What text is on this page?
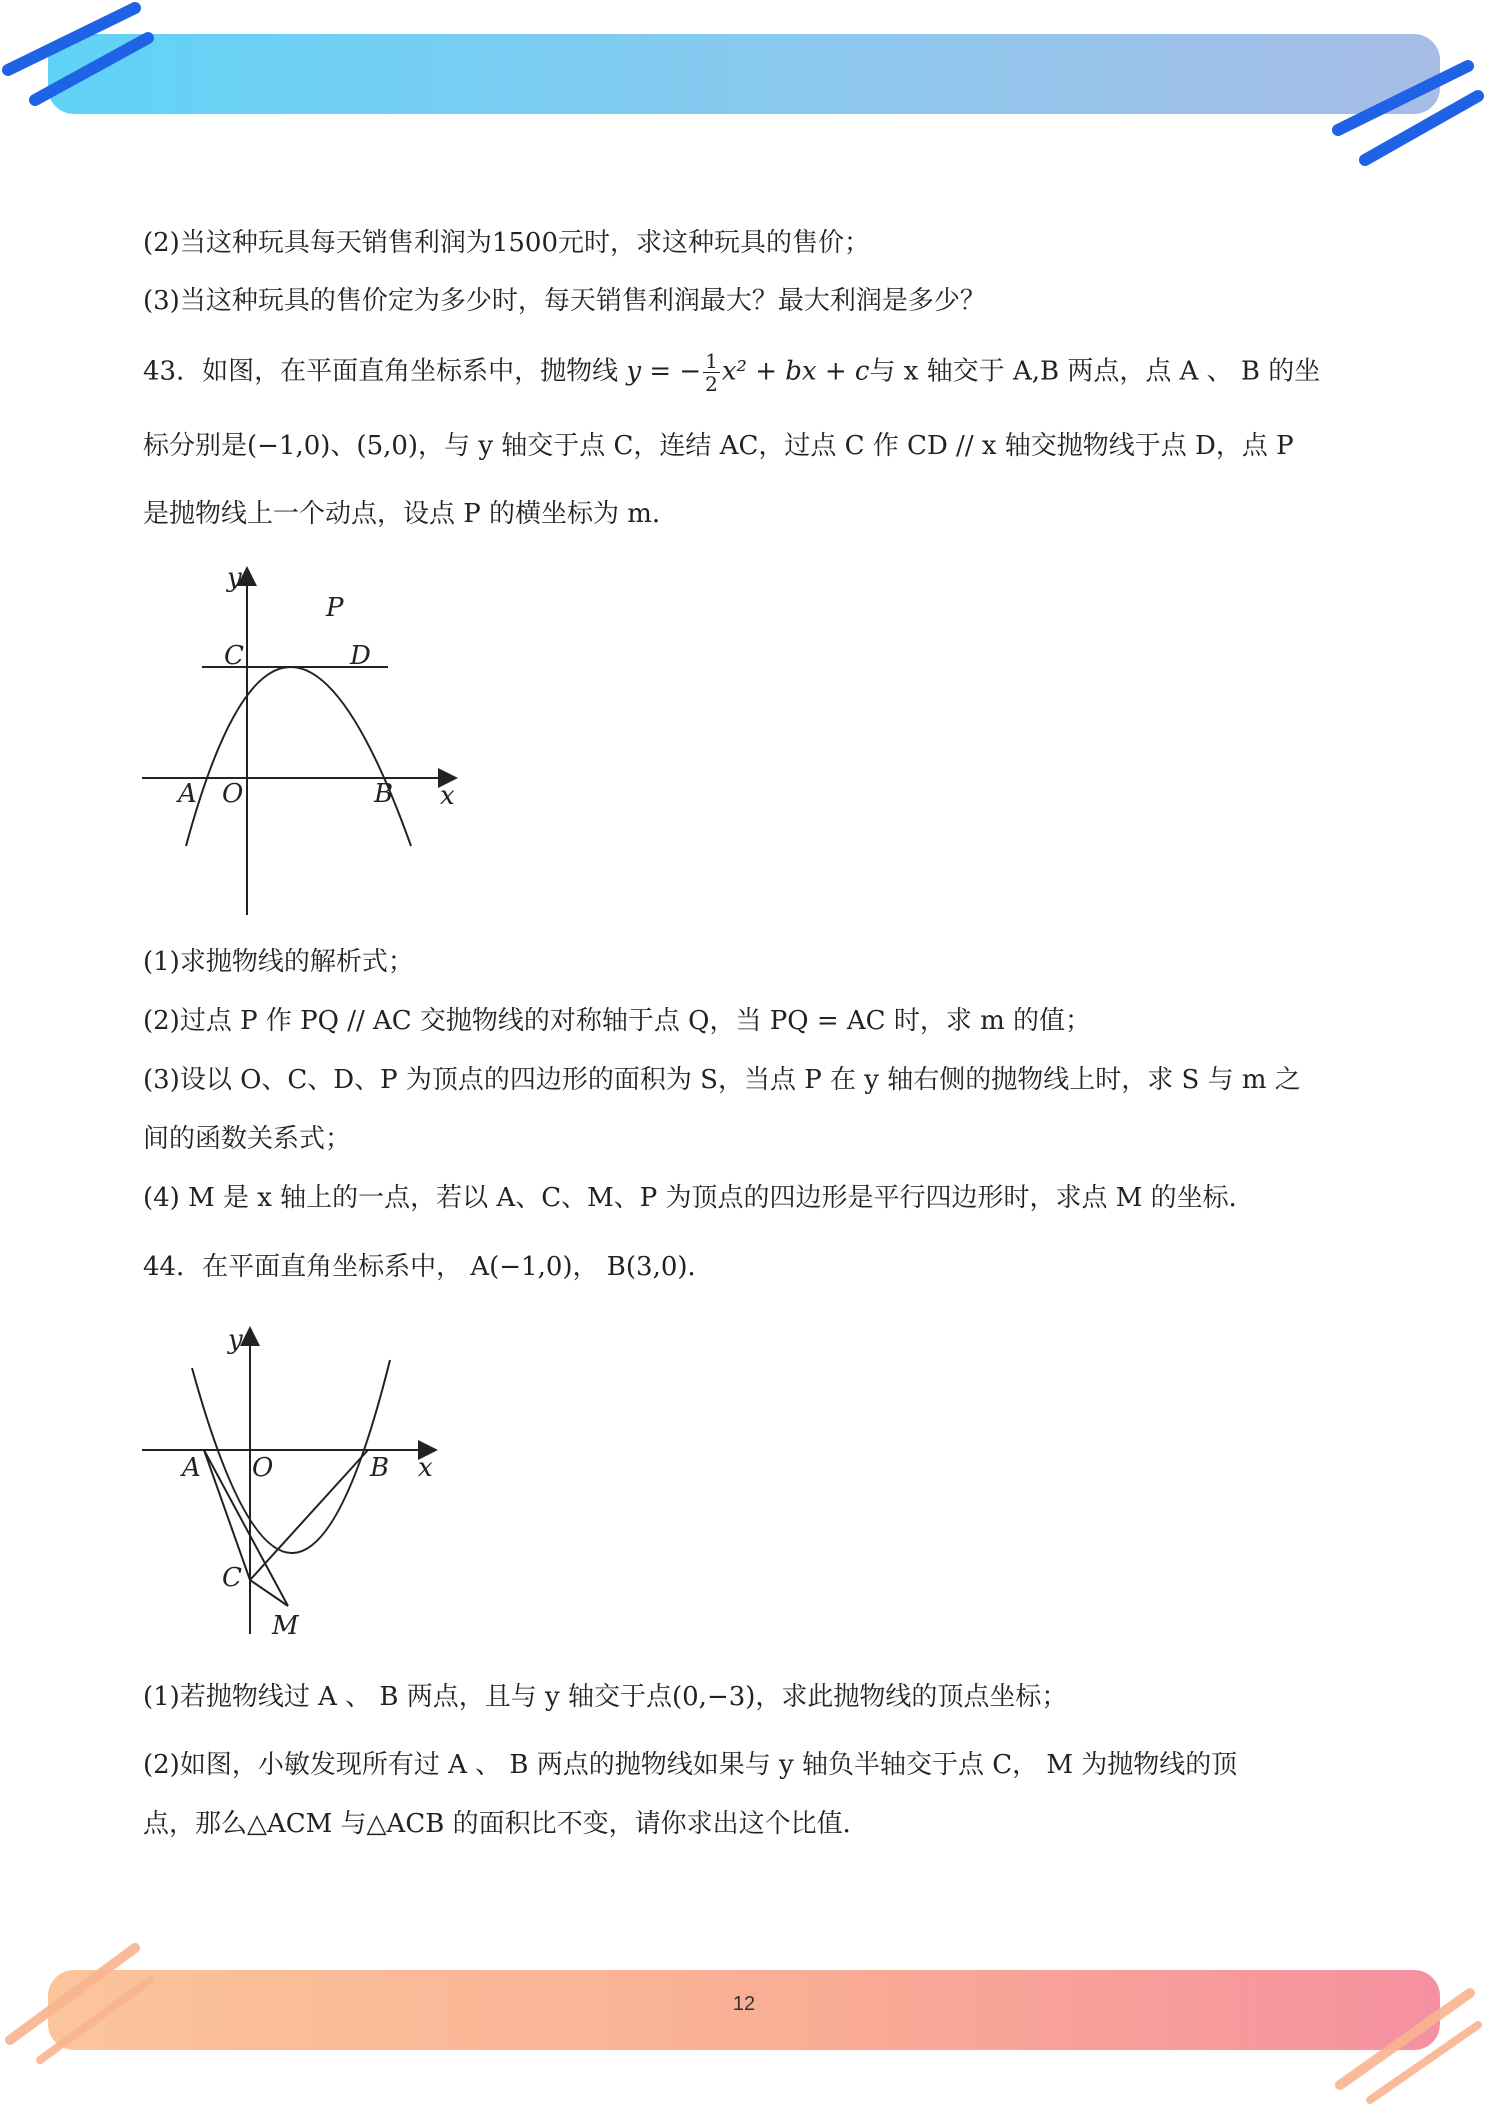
(2)当这种玩具每天销售利润为1500元时，求这种玩具的售价；
(3)当这种玩具的售价定为多少时，每天销售利润最大？最大利润是多少？
43．如图，在平面直角坐标系中，抛物线 y = − $\frac{1}{2} x^2$ + bx + c与 x 轴交于 A,B 两点，点 A 、 B 的坐
标分别是(−1,0)、(5,0)，与 y 轴交于点 C，连结 AC，过点 C 作 CD // x 轴交抛物线于点 D，点 P
是抛物线上一个动点，设点 P 的横坐标为 m．
y
x
C	D
P
A O	B
(1)求抛物线的解析式；
(2)过点 P 作 PQ // AC 交抛物线的对称轴于点 Q，当 PQ = AC 时，求 m 的值；
(3)设以 O、C、D、P 为顶点的四边形的面积为 S，当点 P 在 y 轴右侧的抛物线上时，求 S 与 m 之
间的函数关系式；
(4) M 是 x 轴上的一点，若以 A、C、M、P 为顶点的四边形是平行四边形时，求点 M 的坐标．
44．在平面直角坐标系中， A(−1,0)， B(3,0)．
y
x
A O	B
C
M
(1)若抛物线过 A 、 B 两点，且与 y 轴交于点(0,−3)，求此抛物线的顶点坐标；
(2)如图，小敏发现所有过 A 、 B 两点的抛物线如果与 y 轴负半轴交于点 C， M 为抛物线的顶
点，那么△ACM 与△ACB 的面积比不变，请你求出这个比值．
12
